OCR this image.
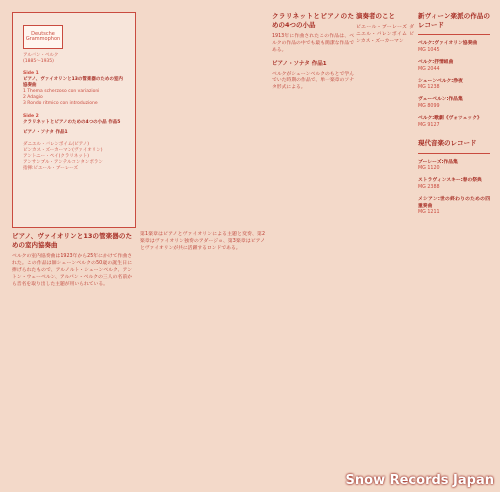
Deutsche Grammophon
アルバン・ベルク
(1885〜1935)
Side 1
ピアノ、ヴァイオリンと13の管楽器のための室内協奏曲
1 Thema scherzoso con variazioni
2 Adagio
3 Rondo ritmico con introduzione
Side 2
クラリネットとピアノのための4つの小品 作品5
ピアノ・ソナタ 作品1
ダニエル・バレンボイム(ピアノ)
ピンカス・ズーカーマン(ヴァイオリン)
アントニー・ペイ(クラリネット)
アンサンブル・アンテルコンタンポラン
指揮:ピエール・ブーレーズ
ピアノ、ヴァイオリンと13の管楽器のための室内協奏曲
ベルクの室内協奏曲は1923年から25年にかけて作曲された。この作品は師シェーンベルクの50歳の誕生日に捧げられたもので、アルノルト・シェーンベルク、アントン・ウェーベルン、アルバン・ベルクの三人の名前から音名を取り出した主題が用いられている。
第1楽章はピアノとヴァイオリンによる主題と変奏、第2楽章はヴァイオリン独奏のアダージョ、第3楽章はピアノとヴァイオリンが共に活躍するロンドである。
クラリネットとピアノのための4つの小品
1913年に作曲されたこの作品は、ベルクの作品の中でも最も簡潔な作品である。
ピアノ・ソナタ 作品1
ベルクがシェーンベルクのもとで学んでいた時期の作品で、単一楽章のソナタ形式による。
演奏者のこと
ピエール・ブーレーズ ダニエル・バレンボイム ピンカス・ズーカーマン
新ヴィーン楽派の作品のレコード
ベルク:ヴァイオリン協奏曲
MG 1045
ベルク:抒情組曲
MG 2044
シェーンベルク:浄夜
MG 1238
ヴェーベルン:作品集
MG 8099
ベルク:歌劇《ヴォツェック》
MG 9127
現代音楽のレコード
ブーレーズ:作品集
MG 1120
ストラヴィンスキー:春の祭典
MG 2388
メシアン:世の終わりのための四重奏曲
MG 1211
Snow Records Japan
